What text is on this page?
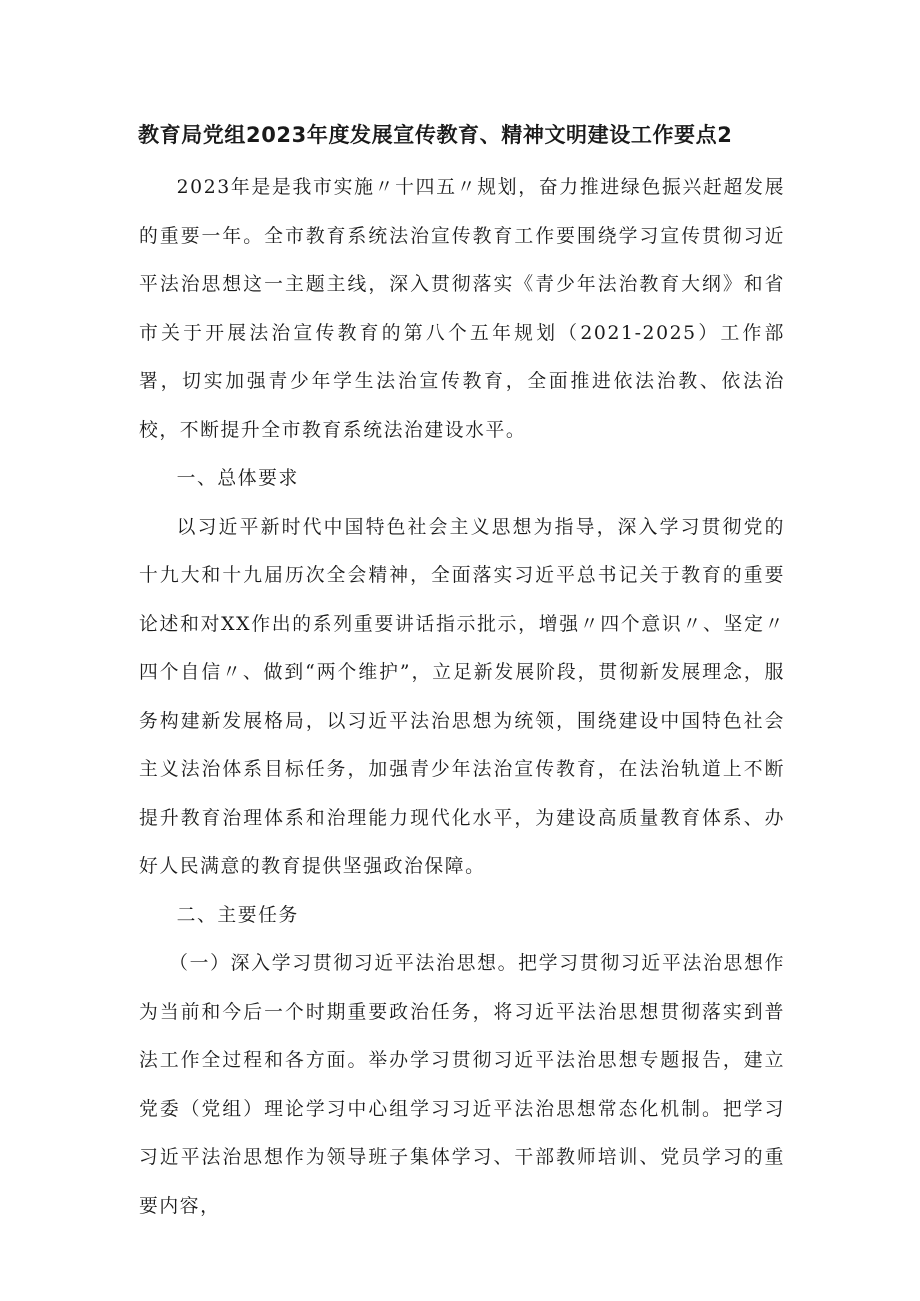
教育局党组2023年度发展宣传教育、精神文明建设工作要点2

2023年是是我市实施〃十四五〃规划，奋力推进绿色振兴赶超发展的重要一年。全市教育系统法治宣传教育工作要围绕学习宣传贯彻习近平法治思想这一主题主线，深入贯彻落实《青少年法治教育大纲》和省市关于开展法治宣传教育的第八个五年规划（2021-2025）工作部署，切实加强青少年学生法治宣传教育，全面推进依法治教、依法治校，不断提升全市教育系统法治建设水平。

一、总体要求

以习近平新时代中国特色社会主义思想为指导，深入学习贯彻党的十九大和十九届历次全会精神，全面落实习近平总书记关于教育的重要论述和对XX作出的系列重要讲话指示批示，增强〃四个意识〃、坚定〃四个自信〃、做到“两个维护”，立足新发展阶段，贯彻新发展理念，服务构建新发展格局，以习近平法治思想为统领，围绕建设中国特色社会主义法治体系目标任务，加强青少年法治宣传教育，在法治轨道上不断提升教育治理体系和治理能力现代化水平，为建设高质量教育体系、办好人民满意的教育提供坚强政治保障。

二、主要任务

（一）深入学习贯彻习近平法治思想。把学习贯彻习近平法治思想作为当前和今后一个时期重要政治任务，将习近平法治思想贯彻落实到普法工作全过程和各方面。举办学习贯彻习近平法治思想专题报告，建立党委（党组）理论学习中心组学习习近平法治思想常态化机制。把学习习近平法治思想作为领导班子集体学习、干部教师培训、党员学习的重要内容，
